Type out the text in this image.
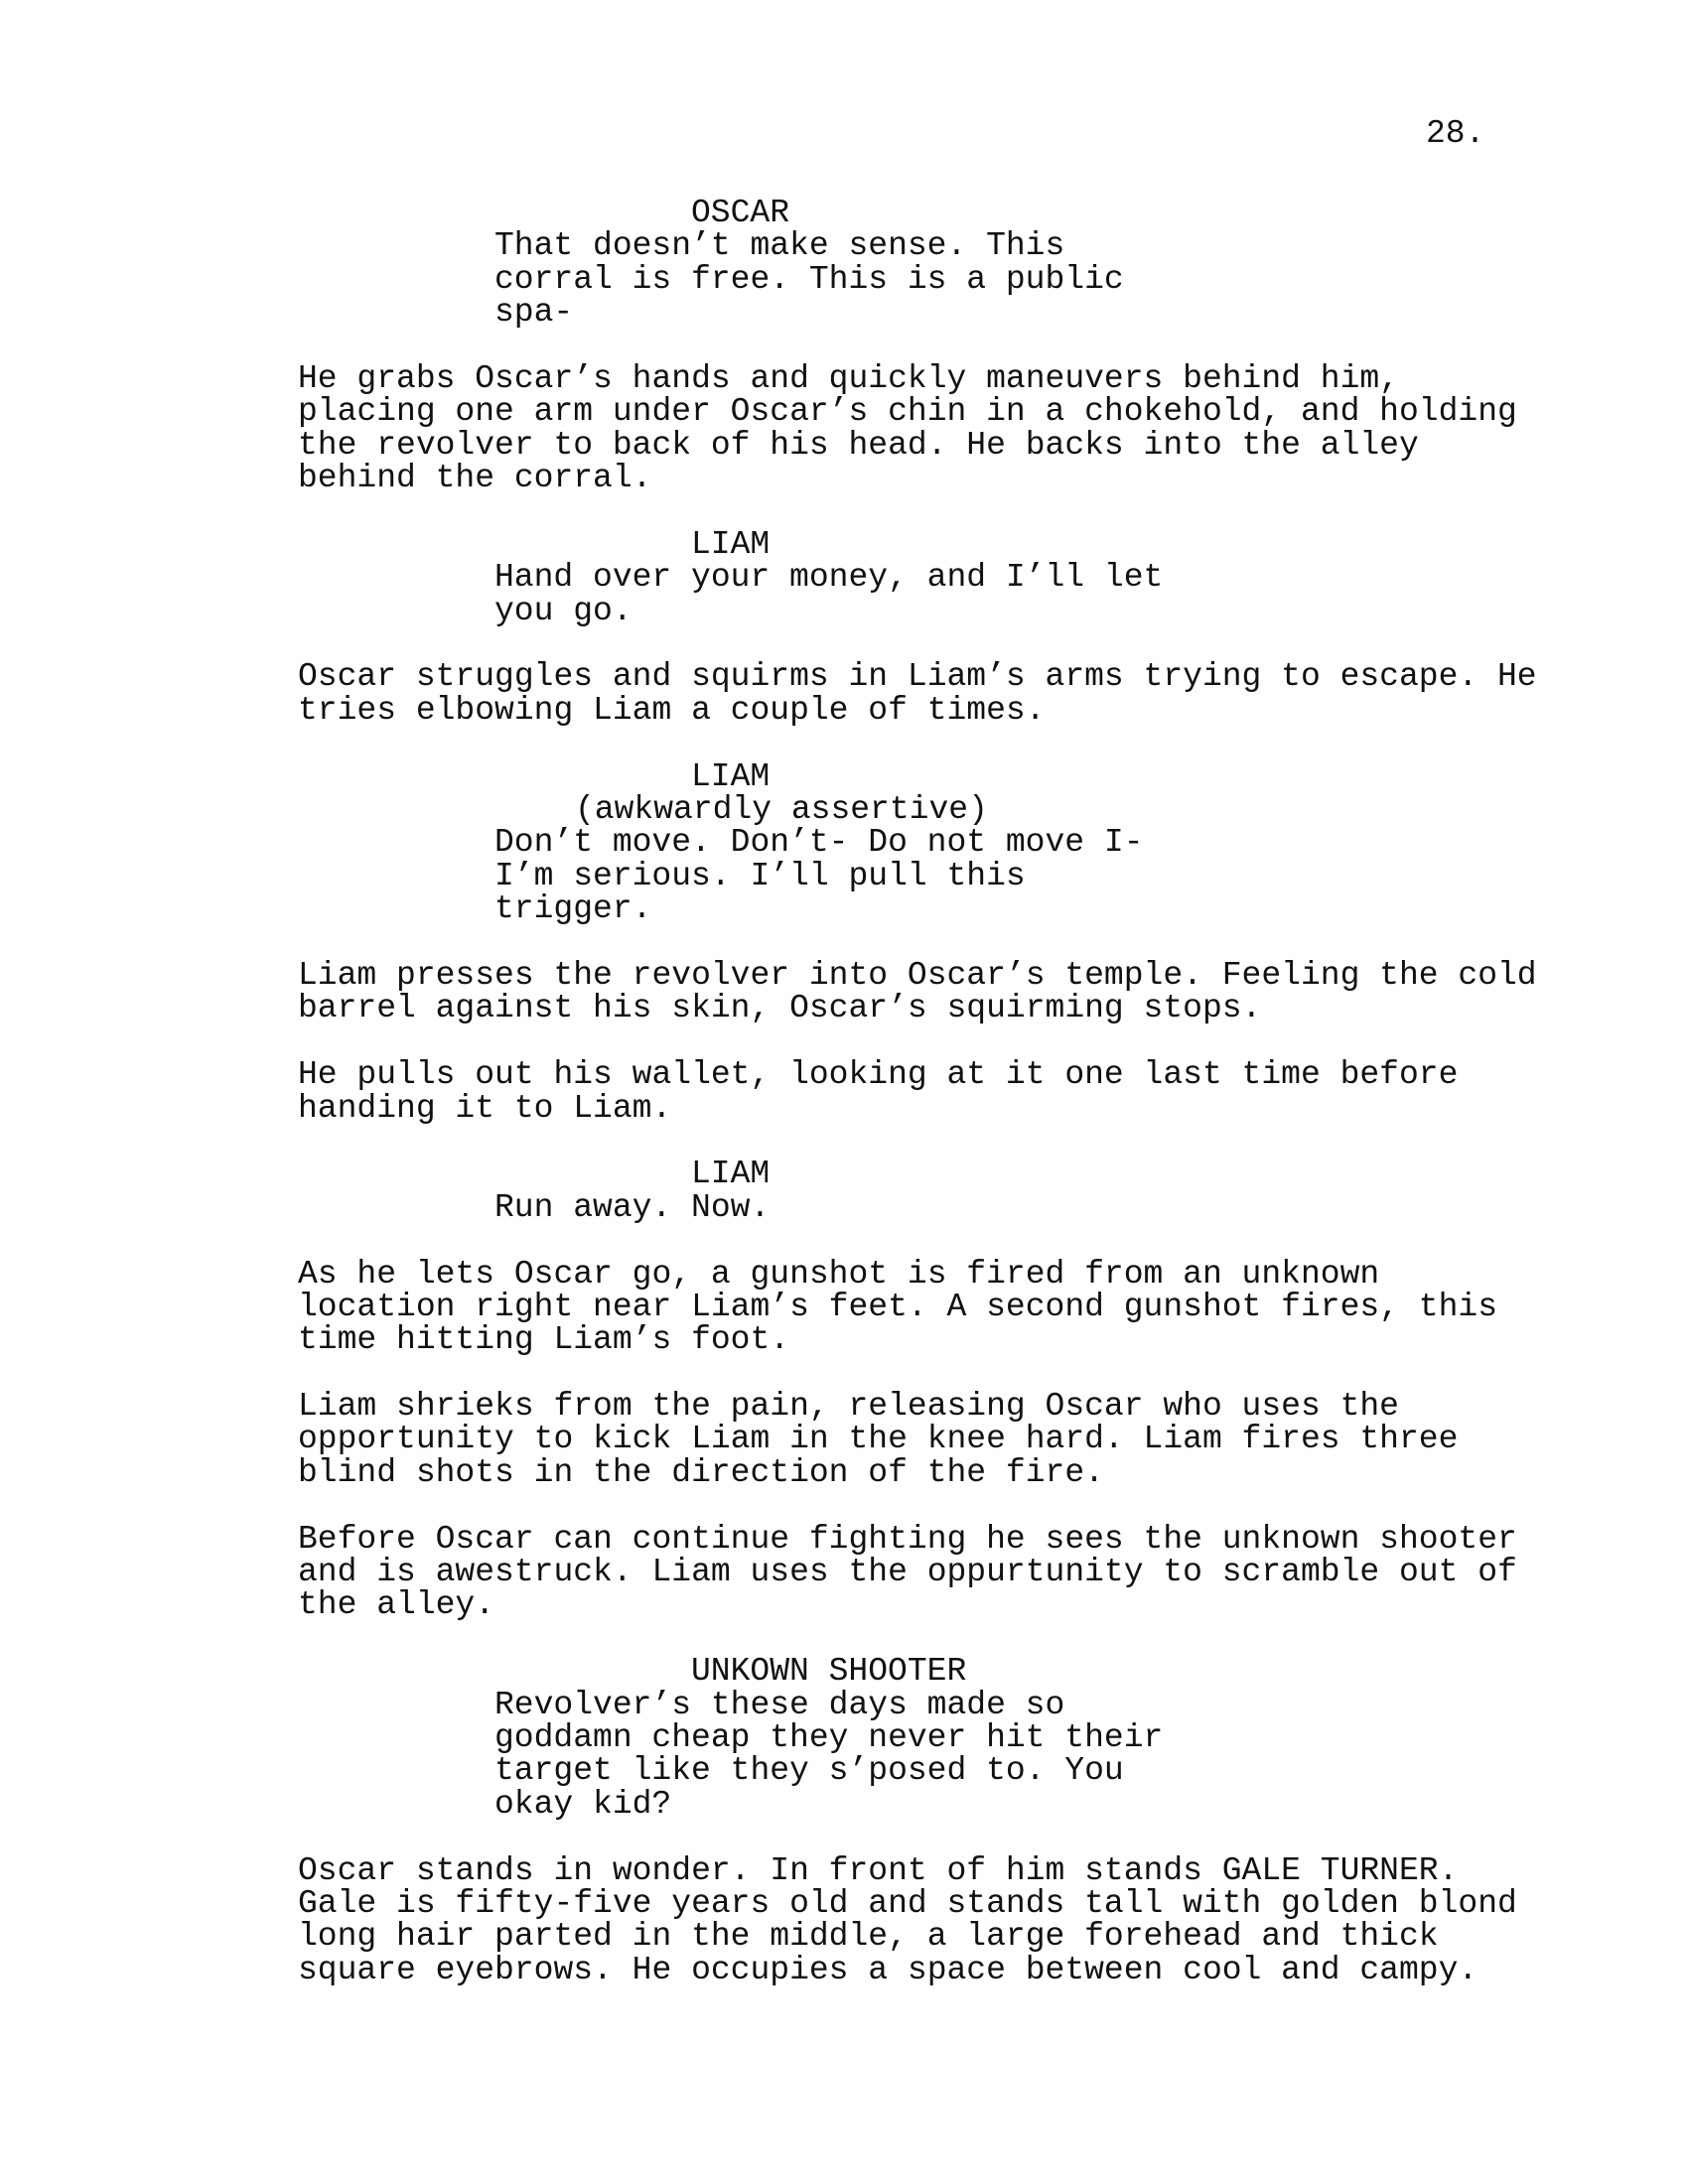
28.
OSCAR
That doesn’t make sense. This
corral is free. This is a public
spa-
He grabs Oscar’s hands and quickly maneuvers behind him,
placing one arm under Oscar’s chin in a chokehold, and holding
the revolver to back of his head. He backs into the alley
behind the corral.
LIAM
Hand over your money, and I’ll let
you go.
Oscar struggles and squirms in Liam’s arms trying to escape. He
tries elbowing Liam a couple of times.
LIAM
(awkwardly assertive)
Don’t move. Don’t- Do not move I-
I’m serious. I’ll pull this
trigger.
Liam presses the revolver into Oscar’s temple. Feeling the cold
barrel against his skin, Oscar’s squirming stops.
He pulls out his wallet, looking at it one last time before
handing it to Liam.
LIAM
Run away. Now.
As he lets Oscar go, a gunshot is fired from an unknown
location right near Liam’s feet. A second gunshot fires, this
time hitting Liam’s foot.
Liam shrieks from the pain, releasing Oscar who uses the
opportunity to kick Liam in the knee hard. Liam fires three
blind shots in the direction of the fire.
Before Oscar can continue fighting he sees the unknown shooter
and is awestruck. Liam uses the oppurtunity to scramble out of
the alley.
UNKOWN SHOOTER
Revolver’s these days made so
goddamn cheap they never hit their
target like they s’posed to. You
okay kid?
Oscar stands in wonder. In front of him stands GALE TURNER.
Gale is fifty-five years old and stands tall with golden blond
long hair parted in the middle, a large forehead and thick
square eyebrows. He occupies a space between cool and campy.
